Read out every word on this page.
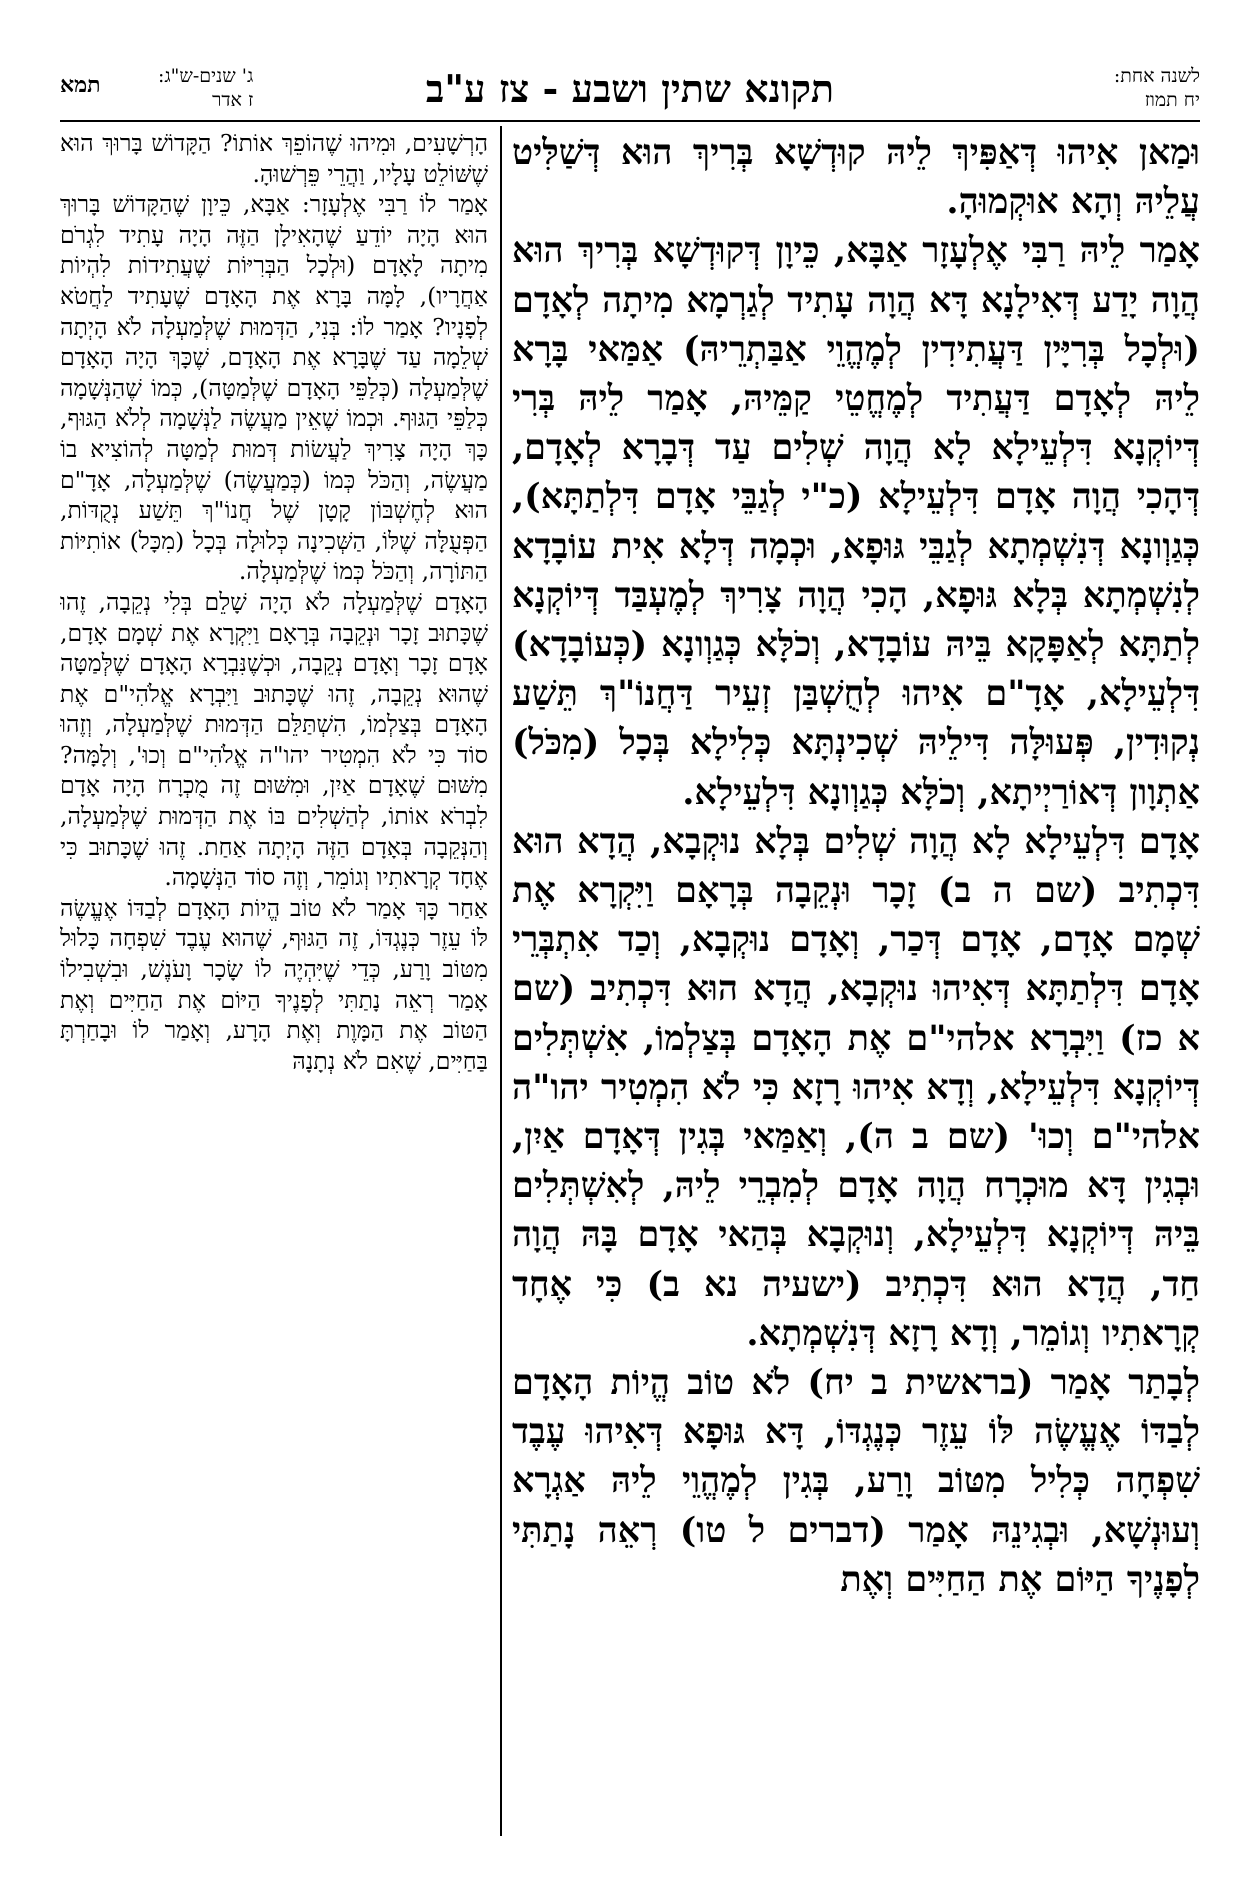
לשנה אחת:
יח תמוז
תקונא שתין ושבע - צז ע"ב
ג' שנים-ש"ג:
ז אדר
תמא

וּמַאן אִיהוּ דְּאַפִּיךְ לֵיהּ קוּדְשָׁא בְּרִיךְ הוּא דְּשַׁלִּיט עֲלֵיהּ וְהָא אוּקְמוּהָ.

אָמַר לֵיהּ רַבִּי אֶלְעָזָר אַבָּא, כֵּיוָן דְּקוּדְשָׁא בְּרִיךְ הוּא הֲוָה יָדַע דְּאִילָנָא דָּא הֲוָה עָתִיד לְגַרְמָא מִיתָה לְאָדָם (וּלְכָל בְּרִיָּין דַּעֲתִידִין לְמֶהֱוֵי אַבַּתְרֵיהּ) אַמַּאי בָּרָא לֵיהּ לְאָדָם דַּעֲתִיד לְמֶחֱטֵי קַמֵּיהּ, אָמַר לֵיהּ בְּרִי דְּיוֹקְנָא דִּלְעֵילָא לָא הֲוָה שְׁלִים עַד דְּבָרָא לְאָדָם, דְּהָכִי הֲוָה אָדָם דִּלְעֵילָא (כ"י לְגַבֵּי אָדָם דִּלְתַתָּא), כְּגַוְונָא דְּנִשְׁמְתָא לְגַבֵּי גּוּפָא, וּכְמָה דְּלָא אִית עוֹבָדָא לְנִשְׁמְתָא בְּלָא גּוּפָא, הָכִי הֲוָה צָרִיךְ לְמֶעְבַּד דְּיוֹקְנָא לְתַתָּא לְאַפָּקָא בֵּיהּ עוֹבָדָא, וְכֹלָּא כְּגַוְונָא (כְּעוֹבָדָא) דִּלְעֵילָא, אָדָ"ם אִיהוּ לְחֻשְׁבַּן זְעֵיר דַּחֲנוֹ"ךְ תֵּשַׁע נְקוּדִין, פְּעוּלָּה דִּילֵיהּ שְׁכִינְתָּא כְּלִילָא בְּכָל (מִכֹּל) אַתְוָון דְּאוֹרַיְיתָא, וְכֹלָּא כְּגַוְונָא דִּלְעֵילָא.

אָדָם דִּלְעֵילָא לָא הֲוָה שְׁלִים בְּלָא נוּקְבָא, הֲדָא הוּא דִּכְתִיב (שם ה ב) זָכָר וּנְקֵבָה בְּרָאָם וַיִּקְרָא אֶת שְׁמָם אָדָם, אָדָם דְּכַר, וְאָדָם נוּקְבָא, וְכַד אִתְבְּרֵי אָדָם דִּלְתַתָּא דְּאִיהוּ נוּקְבָא, הֲדָא הוּא דִּכְתִיב (שם א כז) וַיִּבְרָא אלהי"ם אֶת הָאָדָם בְּצַלְמוֹ, אִשְׁתְּלִים דְּיוֹקְנָא דִּלְעֵילָא, וְדָא אִיהוּ רָזָא כִּי לֹא הִמְטִיר יהו"ה אלהי"ם וְכוּ' (שם ב ה), וְאַמַּאי בְּגִין דְּאָדָם אַיִן, וּבְגִין דָּא מוּכְרָח הֲוָה אָדָם לְמִבְרֵי לֵיהּ, לְאִשְׁתְּלִים בֵּיהּ דְּיוֹקְנָא דִּלְעֵילָא, וְנוּקְבָא בְּהַאי אָדָם בָּהּ הֲוָה חַד, הֲדָא הוּא דִּכְתִיב (ישעיה נא ב) כִּי אֶחָד קְרָאתִיו וְגוֹמֵר, וְדָא רָזָא דְּנִשְׁמְתָא.

לְבָתַר אָמַר (בראשית ב יח) לֹא טוֹב הֱיוֹת הָאָדָם לְבַדּוֹ אֶעֱשֶׂה לּוֹ עֵזֶר כְּנֶגְדּוֹ, דָּא גּוּפָא דְּאִיהוּ עֶבֶד שִׁפְחָה כְּלִיל מִטּוֹב וָרַע, בְּגִין לְמֶהֱוֵי לֵיהּ אַגְרָא וְעוּנְשָׁא, וּבְגִינֵהּ אָמַר (דברים ל טו) רְאֵה נָתַתִּי לְפָנֶיךָ הַיּוֹם אֶת הַחַיִּים וְאֶת

הָרְשָׁעִים, וּמִיהוּ שֶׁהוֹפֵךְ אוֹתוֹ? הַקָּדוֹשׁ בָּרוּךְ הוּא שֶׁשּׁוֹלֵט עָלָיו, וַהֲרֵי פֵּרְשׁוּהָ.

אָמַר לוֹ רַבִּי אֶלְעָזָר: אַבָּא, כֵּיוָן שֶׁהַקָּדוֹשׁ בָּרוּךְ הוּא הָיָה יוֹדֵעַ שֶׁהָאִילָן הַזֶּה הָיָה עָתִיד לִגְרֹם מִיתָה לָאָדָם (וּלְכָל הַבְּרִיּוֹת שֶׁעֲתִידוֹת לִהְיוֹת אַחֲרָיו), לָמָּה בָּרָא אֶת הָאָדָם שֶׁעָתִיד לַחֲטֹא לְפָנָיו? אָמַר לוֹ: בְּנִי, הַדְּמוּת שֶׁלְּמַעְלָה לֹא הָיְתָה שְׁלֵמָה עַד שֶׁבָּרָא אֶת הָאָדָם, שֶׁכָּךְ הָיָה הָאָדָם שֶׁלְּמַעְלָה (כְּלַפֵּי הָאָדָם שֶׁלְּמַטָּה), כְּמוֹ שֶׁהַנְּשָׁמָה כְּלַפֵּי הַגּוּף. וּכְמוֹ שֶׁאֵין מַעֲשֶׂה לַנְּשָׁמָה לְלֹא הַגּוּף, כָּךְ הָיָה צָרִיךְ לַעֲשׂוֹת דְּמוּת לְמַטָּה לְהוֹצִיא בוֹ מַעֲשֶׂה, וְהַכֹּל כְּמוֹ (כְּמַעֲשֶׂה) שֶׁלְּמַעְלָה, אָדָ"ם הוּא לְחֶשְׁבּוֹן קָטָן שֶׁל חֲנוֹ"ךְ תֵּשַׁע נְקֻדּוֹת, הַפְּעֻלָּה שֶׁלּוֹ, הַשְּׁכִינָה כְּלוּלָה בְּכָל (מִכָּל) אוֹתִיּוֹת הַתּוֹרָה, וְהַכֹּל כְּמוֹ שֶׁלְּמַעְלָה.

הָאָדָם שֶׁלְּמַעְלָה לֹא הָיָה שָׁלֵם בְּלִי נְקֵבָה, זֶהוּ שֶׁכָּתוּב זָכָר וּנְקֵבָה בְּרָאָם וַיִּקְרָא אֶת שְׁמָם אָדָם, אָדָם זָכָר וְאָדָם נְקֵבָה, וּכְשֶׁנִּבְרָא הָאָדָם שֶׁלְּמַטָּה שֶׁהוּא נְקֵבָה, זֶהוּ שֶׁכָּתוּב וַיִּבְרָא אֱלֹהִי"ם אֶת הָאָדָם בְּצַלְמוֹ, הִשְׁתַּלֵּם הַדְּמוּת שֶׁלְּמַעְלָה, וְזֶהוּ סוֹד כִּי לֹא הִמְטִיר יהו"ה אֱלֹהִי"ם וְכוּ', וְלָמָּה? מִשּׁוּם שֶׁאָדָם אַיִן, וּמִשּׁוּם זֶה מֻכְרָח הָיָה אָדָם לִבְרֹא אוֹתוֹ, לְהַשְׁלִים בּוֹ אֶת הַדְּמוּת שֶׁלְּמַעְלָה, וְהַנְּקֵבָה בְּאָדָם הַזֶּה הָיְתָה אַחַת. זֶהוּ שֶׁכָּתוּב כִּי אֶחָד קְרָאתִיו וְגוֹמֵר, וְזֶה סוֹד הַנְּשָׁמָה.

אַחַר כָּךְ אָמַר לֹא טוֹב הֱיוֹת הָאָדָם לְבַדּוֹ אֶעֱשֶׂה לּוֹ עֵזֶר כְּנֶגְדּוֹ, זֶה הַגּוּף, שֶׁהוּא עֶבֶד שִׁפְחָה כָּלוּל מִטּוֹב וָרַע, כְּדֵי שֶׁיִּהְיֶה לוֹ שָׂכָר וָעֹנֶשׁ, וּבִשְׁבִילוֹ אָמַר רְאֵה נָתַתִּי לְפָנֶיךָ הַיּוֹם אֶת הַחַיִּים וְאֶת הַטּוֹב אֶת הַמָּוֶת וְאֶת הָרָע, וְאָמַר לוֹ וּבָחַרְתָּ בַּחַיִּים, שֶׁאִם לֹא נְתָנָהּ
